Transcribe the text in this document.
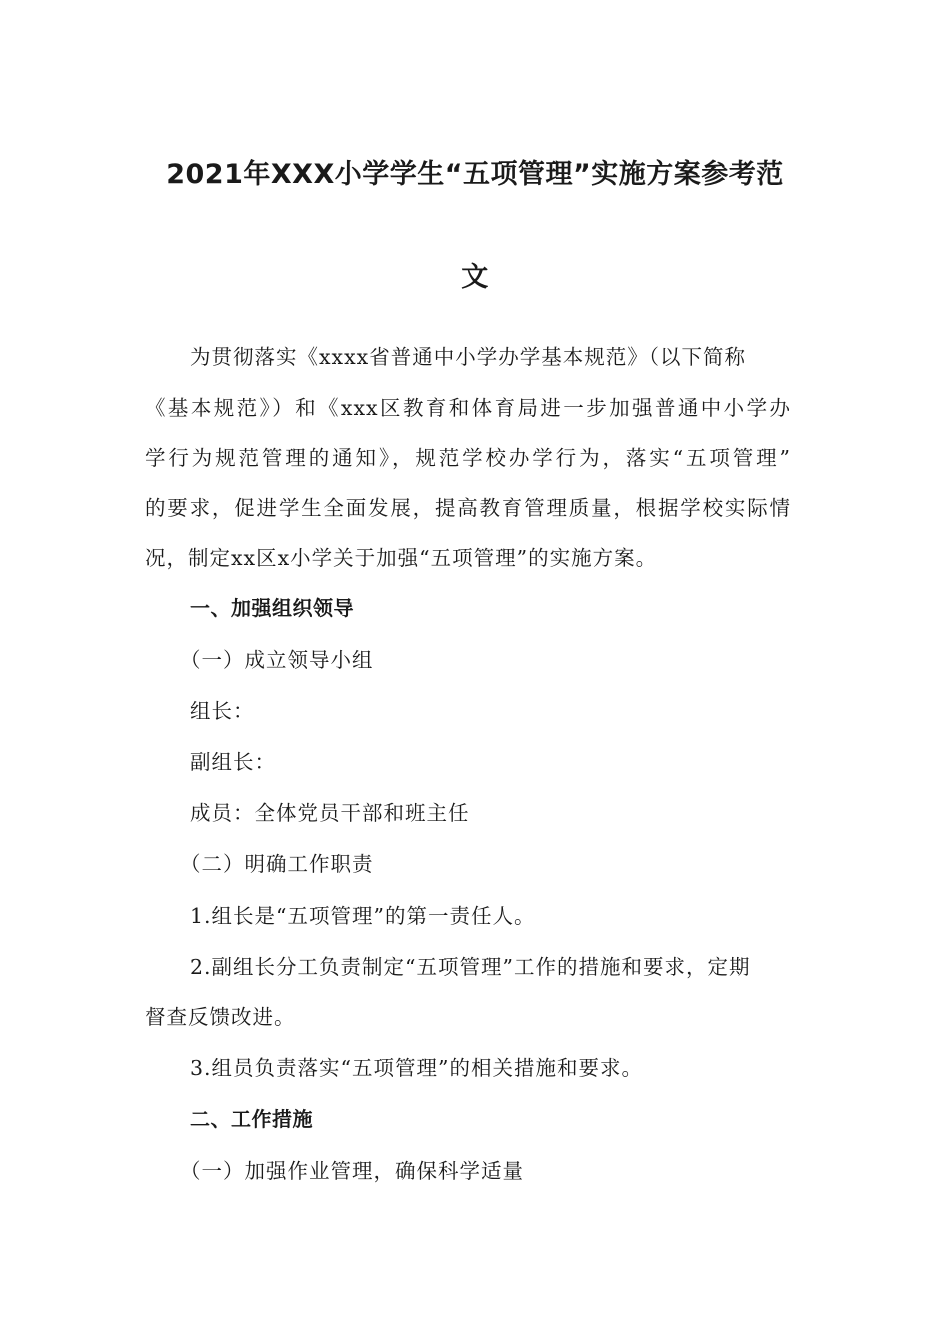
2021年XXX小学学生“五项管理”实施方案参考范
文
为贯彻落实《xxxx省普通中小学办学基本规范》（以下简称
《基本规范》）和《xxx区教育和体育局进一步加强普通中小学办
学行为规范管理的通知》，规范学校办学行为，落实“五项管理”
的要求，促进学生全面发展，提高教育管理质量，根据学校实际情
况，制定xx区x小学关于加强“五项管理”的实施方案。
一、加强组织领导
（一）成立领导小组
组长：
副组长：
成员：全体党员干部和班主任
（二）明确工作职责
1.组长是“五项管理”的第一责任人。
2.副组长分工负责制定“五项管理”工作的措施和要求，定期
督查反馈改进。
3.组员负责落实“五项管理”的相关措施和要求。
二、工作措施
（一）加强作业管理，确保科学适量
